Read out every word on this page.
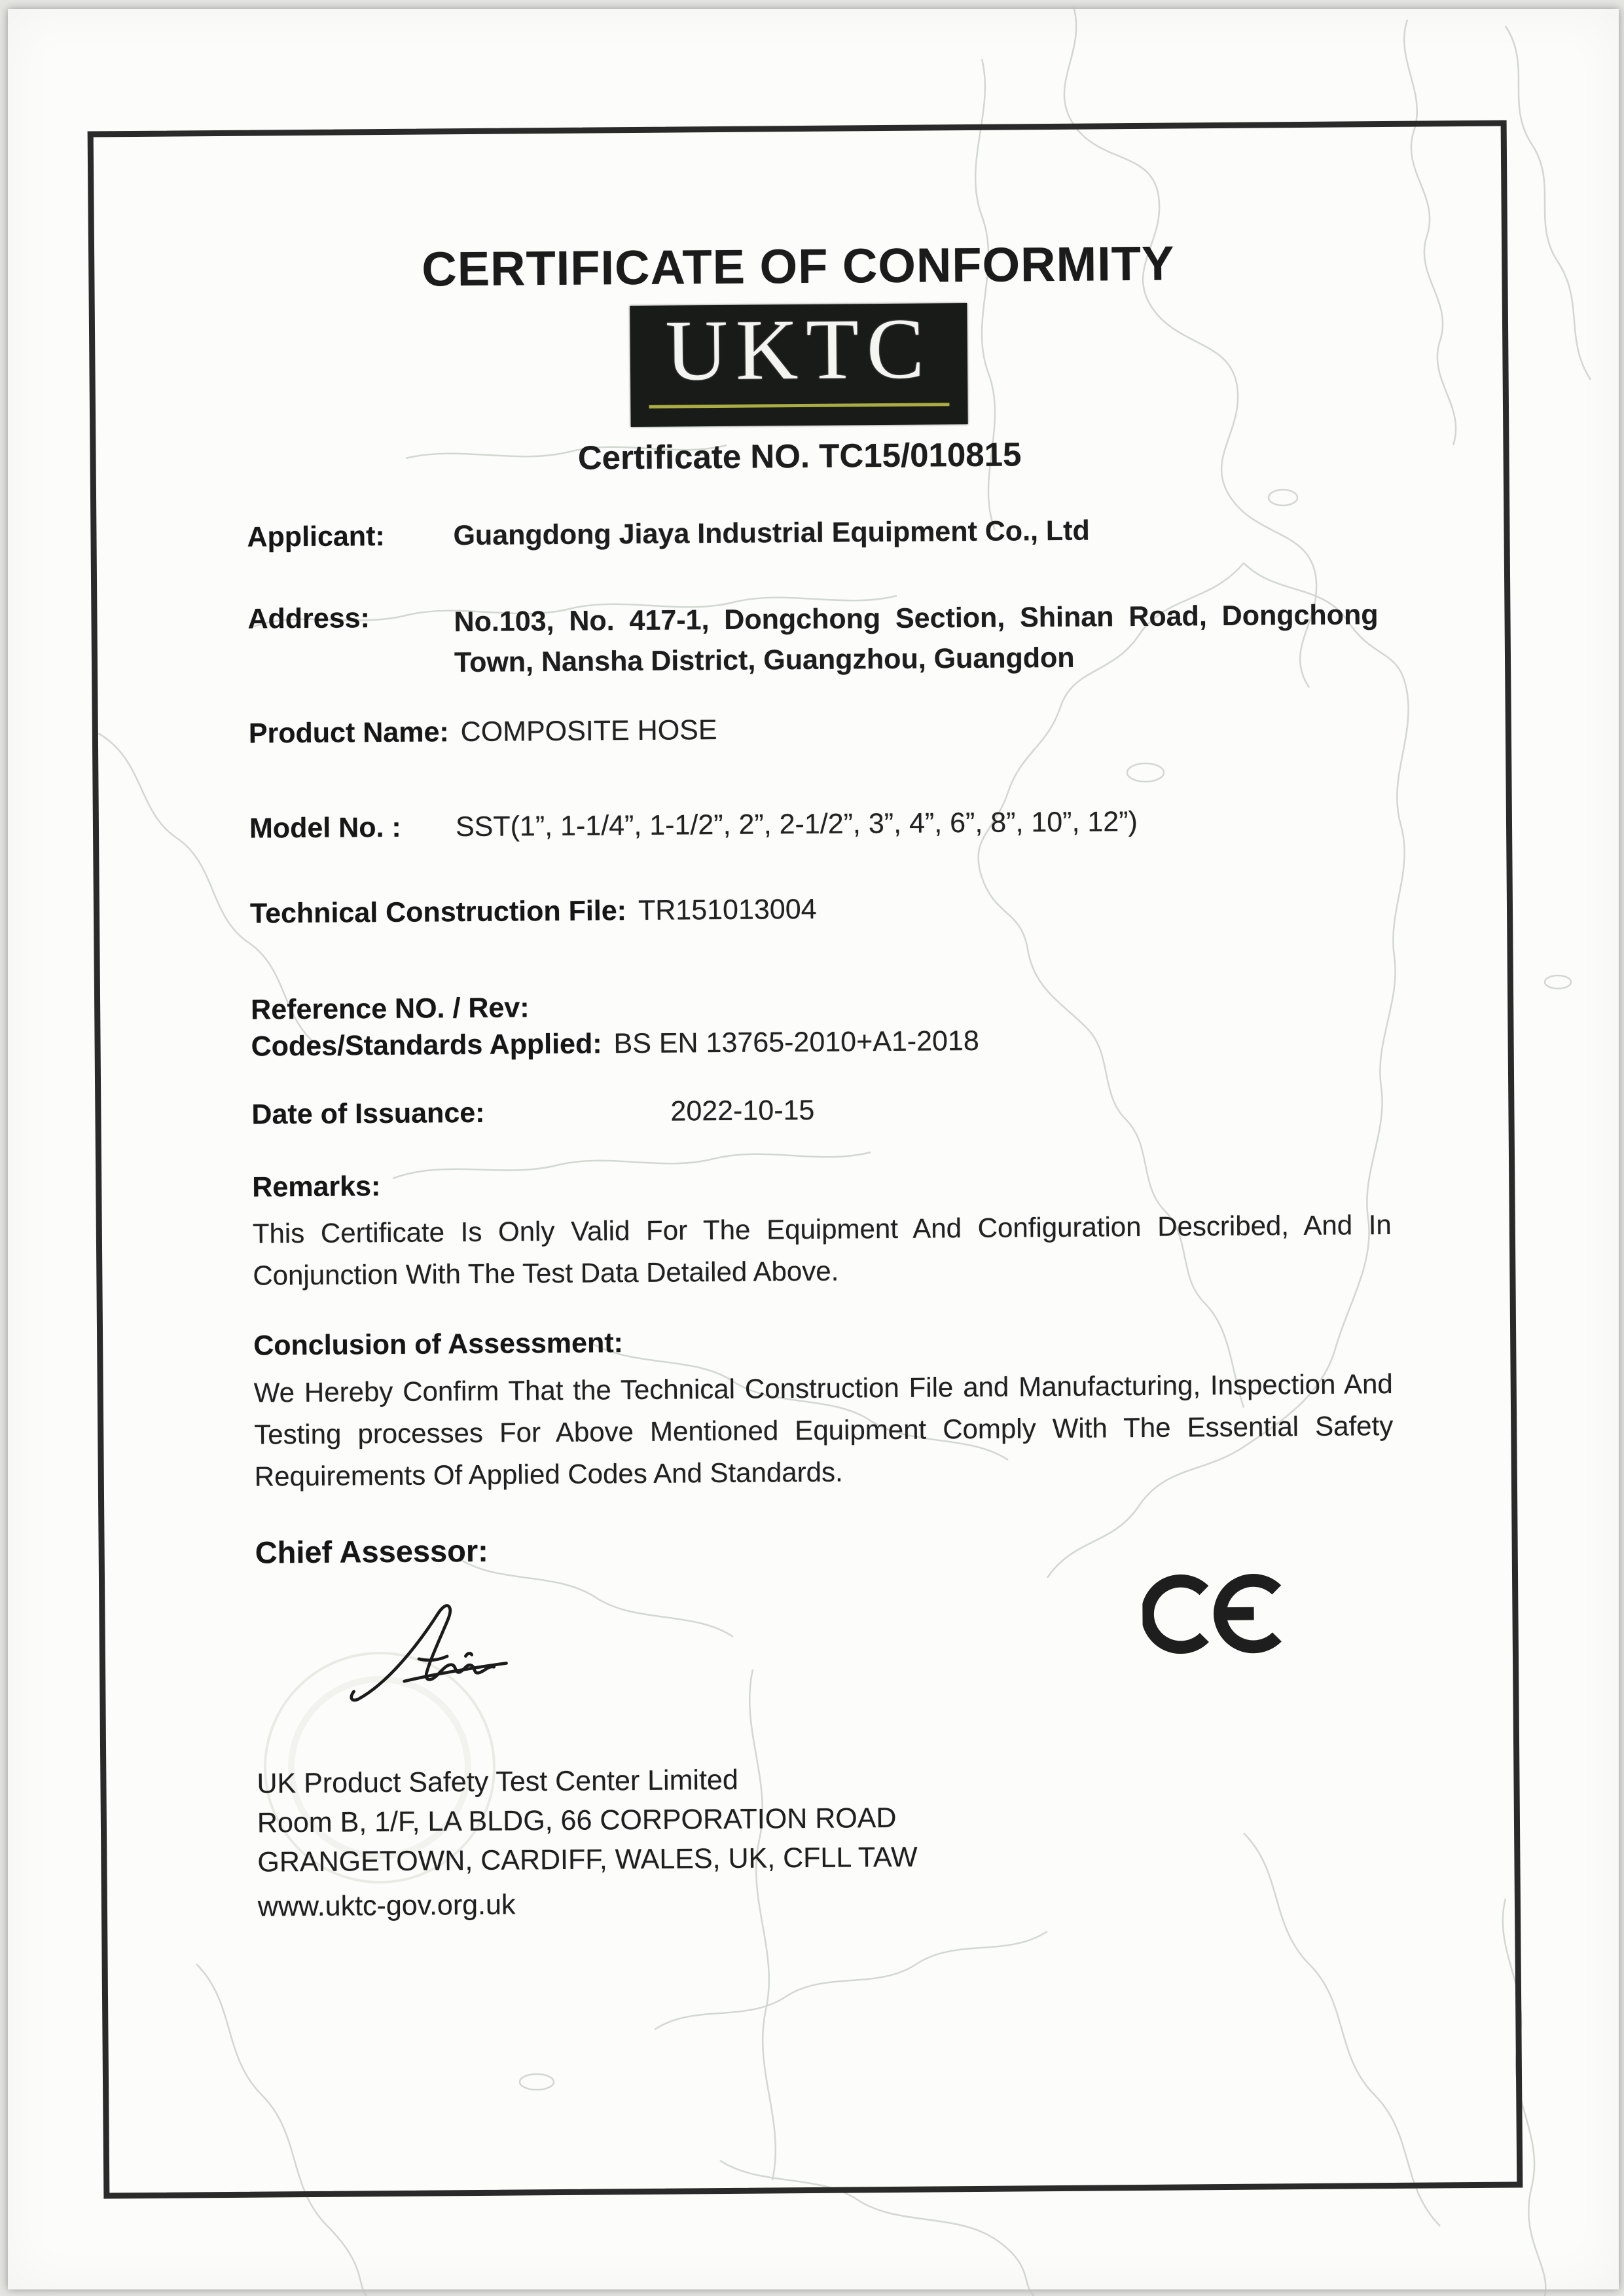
CERTIFICATE OF CONFORMITY
UKTC
Certificate NO. TC15/010815
Applicant: Guangdong Jiaya Industrial Equipment Co., Ltd
Address:	No.103, No. 417-1, Dongchong Section, Shinan Road, Dongchong Town, Nansha District, Guangzhou, Guangdon
Product Name: COMPOSITE HOSE
Model No. : SST(1”, 1-1/4”, 1-1/2”, 2”, 2-1/2”, 3”, 4”, 6”, 8”, 10”, 12”)
Technical Construction File: TR151013004
Reference NO. / Rev:
Codes/Standards Applied: BS EN 13765-2010+A1-2018
Date of Issuance:	2022-10-15
Remarks:
This Certificate Is Only Valid For The Equipment And Configuration Described, And In Conjunction With The Test Data Detailed Above.
Conclusion of Assessment:
We Hereby Confirm That the Technical Construction File and Manufacturing, Inspection And Testing processes For Above Mentioned Equipment Comply With The Essential Safety Requirements Of Applied Codes And Standards.
Chief Assessor:
UK Product Safety Test Center Limited
Room B, 1/F, LA BLDG, 66 CORPORATION ROAD
GRANGETOWN, CARDIFF, WALES, UK, CFLL TAW
www.uktc-gov.org.uk
